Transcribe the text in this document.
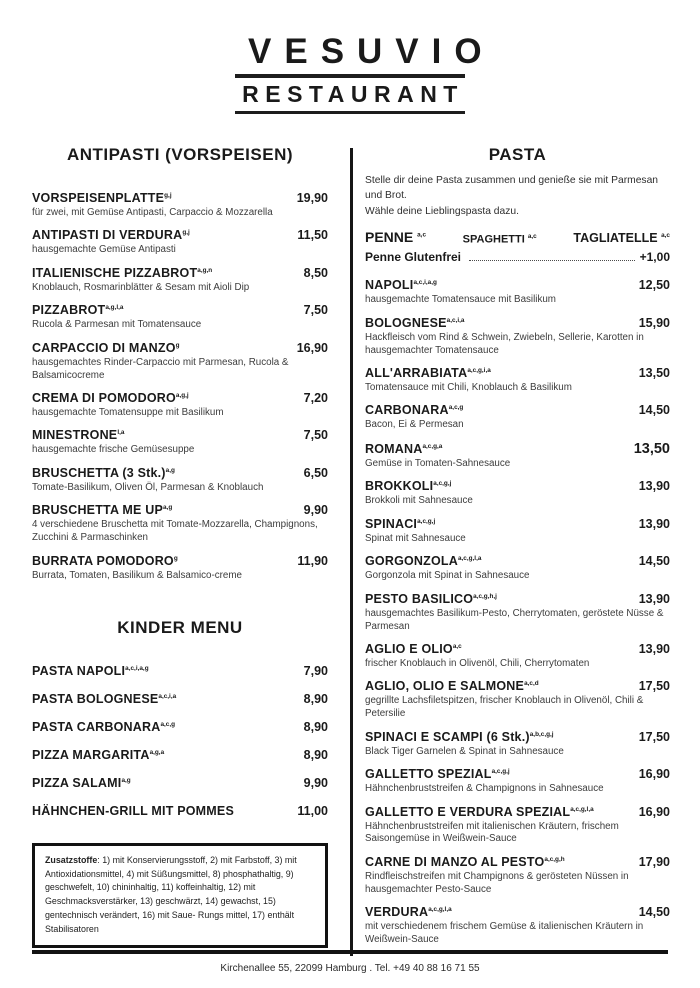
VESUVIO
RESTAURANT
ANTIPASTI (VORSPEISEN)
VORSPEISENPLATTE$^{g,j}$	19,90
für zwei, mit Gemüse Antipasti, Carpaccio & Mozzarella
ANTIPASTI DI VERDURA$^{g,j}$	11,50
hausgemachte Gemüse Antipasti
ITALIENISCHE PIZZABROT$^{a,g,n}$	8,50
Knoblauch, Rosmarinblätter & Sesam mit Aioli Dip
PIZZABROT$^{a,g,l,a}$	7,50
Rucola & Parmesan mit Tomatensauce
CARPACCIO DI MANZO$^g$	16,90
hausgemachtes Rinder-Carpaccio mit Parmesan, Rucola & Balsamicocreme
CREMA DI POMODORO$^{a,g,j}$	7,20
hausgemachte Tomatensuppe mit Basilikum
MINESTRONE$^{l,a}$	7,50
hausgemachte frische Gemüsesuppe
BRUSCHETTA (3 Stk.)$^{a,g}$	6,50
Tomate-Basilikum, Oliven Öl, Parmesan & Knoblauch
BRUSCHETTA ME UP$^{a,g}$	9,90
4 verschiedene Bruschetta mit Tomate-Mozzarella, Champignons, Zucchini & Parmaschinken
BURRATA POMODORO$^g$	11,90
Burrata, Tomaten, Basilikum & Balsamico-creme
KINDER MENU
PASTA NAPOLI$^{a,c,i,a,g}$	7,90
PASTA BOLOGNESE$^{a,c,i,a}$	8,90
PASTA CARBONARA$^{a,c,g}$	8,90
PIZZA MARGARITA$^{a,g,a}$	8,90
PIZZA SALAMI$^{a,g}$	9,90
HÄHNCHEN-GRILL MIT POMMES	11,00
Zusatzstoffe: 1) mit Konservierungsstoff, 2) mit Farbstoff, 3) mit Antioxidationsmittel, 4) mit Süßungsmittel, 8) phosphathaltig, 9) geschwefelt, 10) chininhaltig, 11) koffeinhaltig, 12) mit Geschmacksverstärker, 13) geschwärzt, 14) gewachst, 15) gentechnisch verändert, 16) mit Saue- Rungs mittel, 17) enthält Stabilisatoren
PASTA
Stelle dir deine Pasta zusammen und genieße sie mit Parmesan und Brot.
Wähle deine Lieblingspasta dazu.
PENNE $^{a,c}$	SPAGHETTI $^{a,c}$	TAGLIATELLE $^{a,c}$
Penne Glutenfrei	+1,00
NAPOLI$^{a,c,i,a,g}$	12,50
hausgemachte Tomatensauce mit Basilikum
BOLOGNESE$^{a,c,i,a}$	15,90
Hackfleisch vom Rind & Schwein, Zwiebeln, Sellerie, Karotten in hausgemachter Tomatensauce
ALL'ARRABIATA$^{a,c,g,i,a}$	13,50
Tomatensauce mit Chili, Knoblauch & Basilikum
CARBONARA$^{a,c,g}$	14,50
Bacon, Ei & Permesan
ROMANA$^{a,c,g,a}$	13,50
Gemüse in Tomaten-Sahnesauce
BROKKOLI$^{a,c,g,j}$	13,90
Brokkoli mit Sahnesauce
SPINACI$^{a,c,g,j}$	13,90
Spinat mit Sahnesauce
GORGONZOLA$^{a,c,g,l,a}$	14,50
Gorgonzola mit Spinat in Sahnesauce
PESTO BASILICO$^{a,c,g,h,j}$	13,90
hausgemachtes Basilikum-Pesto, Cherrytomaten, geröstete Nüsse & Parmesan
AGLIO E OLIO$^{a,c}$	13,90
frischer Knoblauch in Olivenöl, Chili, Cherrytomaten
AGLIO, OLIO E SALMONE$^{a,c,d}$	17,50
gegrillte Lachsfiletspitzen, frischer Knoblauch in Olivenöl, Chili & Petersilie
SPINACI E SCAMPI (6 Stk.)$^{a,b,c,g,j}$	17,50
Black Tiger Garnelen & Spinat in Sahnesauce
GALLETTO SPEZIAL$^{a,c,g,j}$	16,90
Hähnchenbruststreifen & Champignons in Sahnesauce
GALLETTO E VERDURA SPEZIAL$^{a,c,g,l,a}$	16,90
Hähnchenbruststreifen mit italienischen Kräutern, frischem Saisongemüse in Weißwein-Sauce
CARNE DI MANZO AL PESTO$^{a,c,g,h}$	17,90
Rindfleischstreifen mit Champignons & gerösteten Nüssen in hausgemachter Pesto-Sauce
VERDURA$^{a,c,g,l,a}$	14,50
mit verschiedenem frischem Gemüse & italienischen Kräutern in Weißwein-Sauce
Kirchenallee 55, 22099 Hamburg . Tel. +49 40 88 16 71 55
